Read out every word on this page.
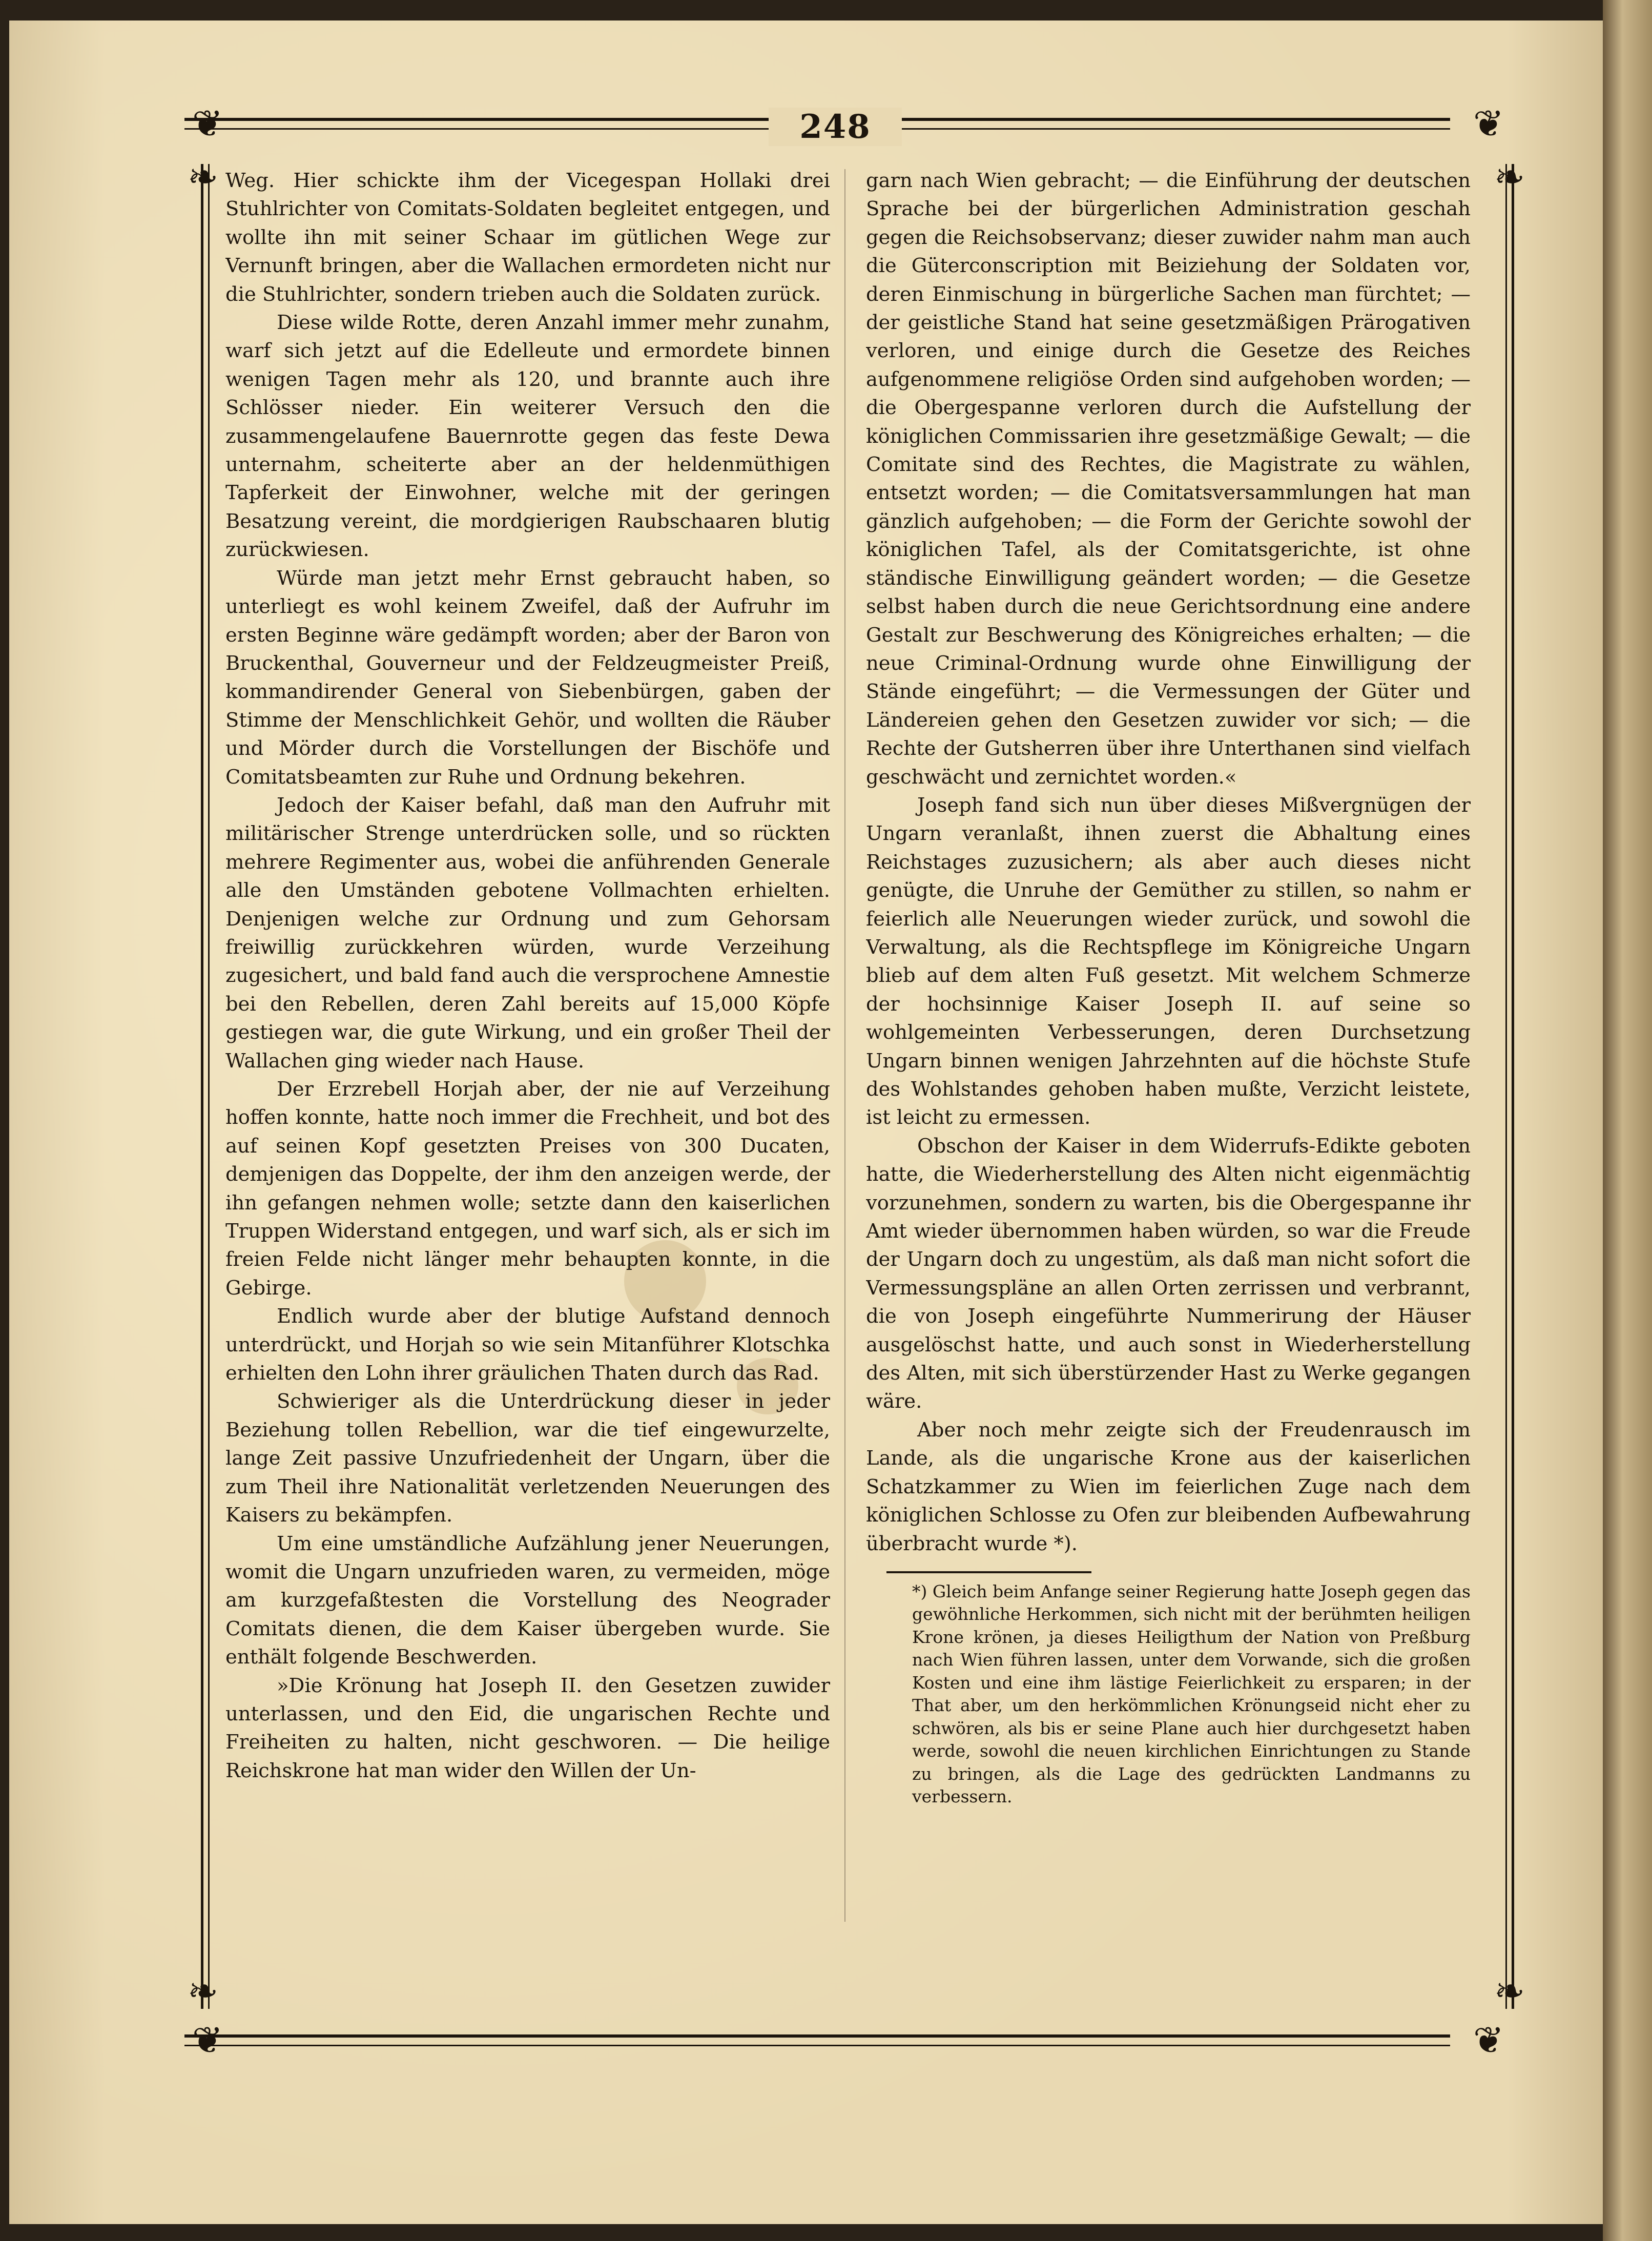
❦	❦
❦	❦
❧	❧
❧	❧
248

Weg. Hier schickte ihm der Vicegespan Hollaki drei Stuhlrichter von Comitats-Soldaten begleitet entgegen, und wollte ihn mit seiner Schaar im gütlichen Wege zur Vernunft bringen, aber die Wallachen ermordeten nicht nur die Stuhlrichter, sondern trieben auch die Soldaten zurück.

Diese wilde Rotte, deren Anzahl immer mehr zunahm, warf sich jetzt auf die Edelleute und ermordete binnen wenigen Tagen mehr als 120, und brannte auch ihre Schlösser nieder. Ein weiterer Versuch den die zusammengelaufene Bauernrotte gegen das feste Dewa unternahm, scheiterte aber an der heldenmüthigen Tapferkeit der Einwohner, welche mit der geringen Besatzung vereint, die mordgierigen Raubschaaren blutig zurückwiesen.

Würde man jetzt mehr Ernst gebraucht haben, so unterliegt es wohl keinem Zweifel, daß der Aufruhr im ersten Beginne wäre gedämpft worden; aber der Baron von Bruckenthal, Gouverneur und der Feldzeugmeister Preiß, kommandirender General von Siebenbürgen, gaben der Stimme der Menschlichkeit Gehör, und wollten die Räuber und Mörder durch die Vorstellungen der Bischöfe und Comitatsbeamten zur Ruhe und Ordnung bekehren.

Jedoch der Kaiser befahl, daß man den Aufruhr mit militärischer Strenge unterdrücken solle, und so rückten mehrere Regimenter aus, wobei die anführenden Generale alle den Umständen gebotene Vollmachten erhielten. Denjenigen welche zur Ordnung und zum Gehorsam freiwillig zurückkehren würden, wurde Verzeihung zugesichert, und bald fand auch die versprochene Amnestie bei den Rebellen, deren Zahl bereits auf 15,000 Köpfe gestiegen war, die gute Wirkung, und ein großer Theil der Wallachen ging wieder nach Hause.

Der Erzrebell Horjah aber, der nie auf Verzeihung hoffen konnte, hatte noch immer die Frechheit, und bot des auf seinen Kopf gesetzten Preises von 300 Ducaten, demjenigen das Doppelte, der ihm den anzeigen werde, der ihn gefangen nehmen wolle; setzte dann den kaiserlichen Truppen Widerstand entgegen, und warf sich, als er sich im freien Felde nicht länger mehr behaupten konnte, in die Gebirge.

Endlich wurde aber der blutige Aufstand dennoch unterdrückt, und Horjah so wie sein Mitanführer Klotschka erhielten den Lohn ihrer gräulichen Thaten durch das Rad.

Schwieriger als die Unterdrückung dieser in jeder Beziehung tollen Rebellion, war die tief eingewurzelte, lange Zeit passive Unzufriedenheit der Ungarn, über die zum Theil ihre Nationalität verletzenden Neuerungen des Kaisers zu bekämpfen.

Um eine umständliche Aufzählung jener Neuerungen, womit die Ungarn unzufrieden waren, zu vermeiden, möge am kurzgefaßtesten die Vorstellung des Neograder Comitats dienen, die dem Kaiser übergeben wurde. Sie enthält folgende Beschwerden.

»Die Krönung hat Joseph II. den Gesetzen zuwider unterlassen, und den Eid, die ungarischen Rechte und Freiheiten zu halten, nicht geschworen. — Die heilige Reichskrone hat man wider den Willen der Un-

garn nach Wien gebracht; — die Einführung der deutschen Sprache bei der bürgerlichen Administration geschah gegen die Reichsobservanz; dieser zuwider nahm man auch die Güterconscription mit Beiziehung der Soldaten vor, deren Einmischung in bürgerliche Sachen man fürchtet; — der geistliche Stand hat seine gesetzmäßigen Prärogativen verloren, und einige durch die Gesetze des Reiches aufgenommene religiöse Orden sind aufgehoben worden; — die Obergespanne verloren durch die Aufstellung der königlichen Commissarien ihre gesetzmäßige Gewalt; — die Comitate sind des Rechtes, die Magistrate zu wählen, entsetzt worden; — die Comitatsversammlungen hat man gänzlich aufgehoben; — die Form der Gerichte sowohl der königlichen Tafel, als der Comitatsgerichte, ist ohne ständische Einwilligung geändert worden; — die Gesetze selbst haben durch die neue Gerichtsordnung eine andere Gestalt zur Beschwerung des Königreiches erhalten; — die neue Criminal-Ordnung wurde ohne Einwilligung der Stände eingeführt; — die Vermessungen der Güter und Ländereien gehen den Gesetzen zuwider vor sich; — die Rechte der Gutsherren über ihre Unterthanen sind vielfach geschwächt und zernichtet worden.«

Joseph fand sich nun über dieses Mißvergnügen der Ungarn veranlaßt, ihnen zuerst die Abhaltung eines Reichstages zuzusichern; als aber auch dieses nicht genügte, die Unruhe der Gemüther zu stillen, so nahm er feierlich alle Neuerungen wieder zurück, und sowohl die Verwaltung, als die Rechtspflege im Königreiche Ungarn blieb auf dem alten Fuß gesetzt. Mit welchem Schmerze der hochsinnige Kaiser Joseph II. auf seine so wohlgemeinten Verbesserungen, deren Durchsetzung Ungarn binnen wenigen Jahrzehnten auf die höchste Stufe des Wohlstandes gehoben haben mußte, Verzicht leistete, ist leicht zu ermessen.

Obschon der Kaiser in dem Widerrufs-Edikte geboten hatte, die Wiederherstellung des Alten nicht eigenmächtig vorzunehmen, sondern zu warten, bis die Obergespanne ihr Amt wieder übernommen haben würden, so war die Freude der Ungarn doch zu ungestüm, als daß man nicht sofort die Vermessungspläne an allen Orten zerrissen und verbrannt, die von Joseph eingeführte Nummerirung der Häuser ausgelöschst hatte, und auch sonst in Wiederherstellung des Alten, mit sich überstürzender Hast zu Werke gegangen wäre.

Aber noch mehr zeigte sich der Freudenrausch im Lande, als die ungarische Krone aus der kaiserlichen Schatzkammer zu Wien im feierlichen Zuge nach dem königlichen Schlosse zu Ofen zur bleibenden Aufbewahrung überbracht wurde *).

*) Gleich beim Anfange seiner Regierung hatte Joseph gegen das gewöhnliche Herkommen, sich nicht mit der berühmten heiligen Krone krönen, ja dieses Heiligthum der Nation von Preßburg nach Wien führen lassen, unter dem Vorwande, sich die großen Kosten und eine ihm lästige Feierlichkeit zu ersparen; in der That aber, um den herkömmlichen Krönungseid nicht eher zu schwören, als bis er seine Plane auch hier durchgesetzt haben werde, sowohl die neuen kirchlichen Einrichtungen zu Stande zu bringen, als die Lage des gedrückten Landmanns zu verbessern.
